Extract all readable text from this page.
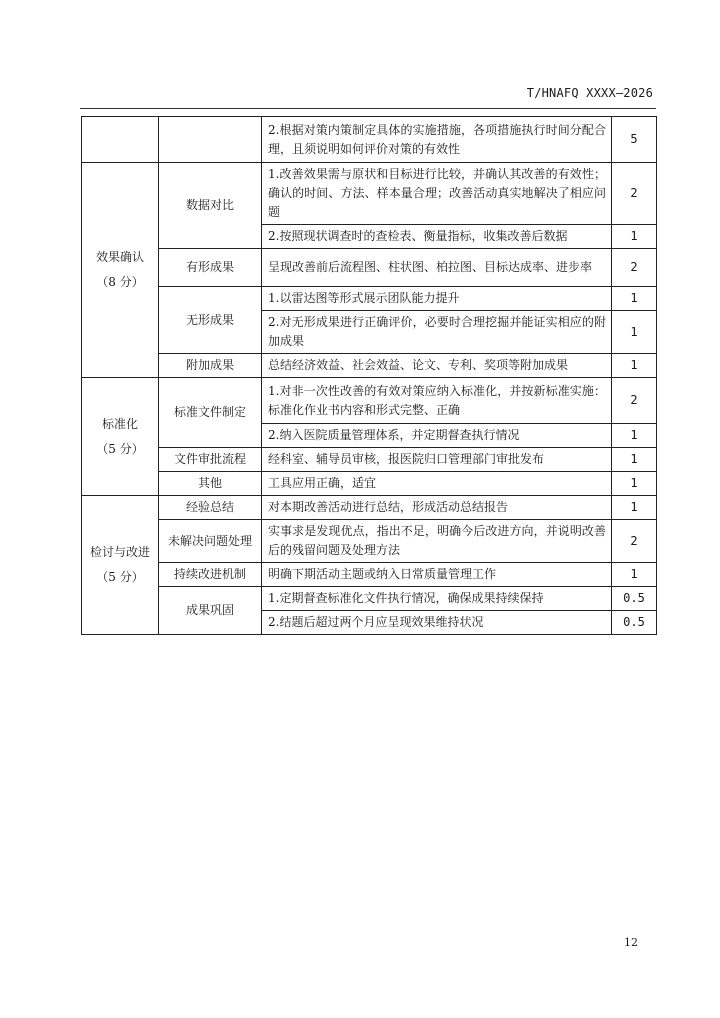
T/HNAFQ XXXX—2026
		2.根据对策内策制定具体的实施措施，各项措施执行时间分配合理，且须说明如何评价对策的有效性	5

效果确认
（8 分）	数据对比	1.改善效果需与原状和目标进行比较，并确认其改善的有效性；确认的时间、方法、样本量合理；改善活动真实地解决了相应问题	2
		2.按照现状调查时的查检表、衡量指标，收集改善后数据	1
	有形成果	呈现改善前后流程图、柱状图、柏拉图、目标达成率、进步率	2
	无形成果	1.以雷达图等形式展示团队能力提升	1
		2.对无形成果进行正确评价，必要时合理挖掘并能证实相应的附加成果	1
	附加成果	总结经济效益、社会效益、论文、专利、奖项等附加成果	1

标准化
（5 分）	标准文件制定	1.对非一次性改善的有效对策应纳入标准化，并按新标准实施：标准化作业书内容和形式完整、正确	2
		2.纳入医院质量管理体系，并定期督查执行情况	1
	文件审批流程	经科室、辅导员审核，报医院归口管理部门审批发布	1
	其他	工具应用正确，适宜	1

检讨与改进
（5 分）	经验总结	对本期改善活动进行总结，形成活动总结报告	1
	未解决问题处理	实事求是发现优点，指出不足，明确今后改进方向，并说明改善后的残留问题及处理方法	2
	持续改进机制	明确下期活动主题或纳入日常质量管理工作	1
	成果巩固	1.定期督查标准化文件执行情况，确保成果持续保持	0.5
		2.结题后超过两个月应呈现效果维持状况	0.5
12
